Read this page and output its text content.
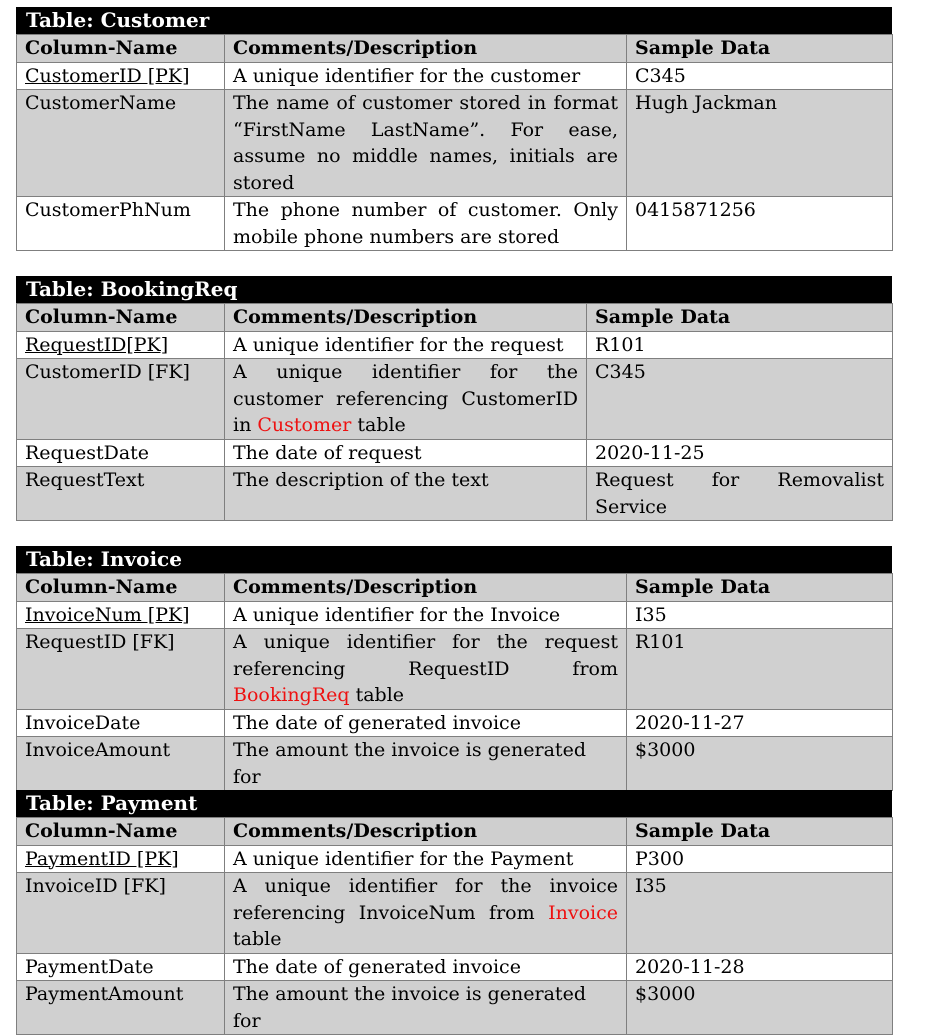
Table: Customer
Column-Name	Comments/Description	Sample Data
CustomerID [PK]	A unique identifier for the customer	C345
CustomerName	The name of customer stored in format “FirstName LastName”. For ease, assume no middle names, initials are stored	Hugh Jackman
CustomerPhNum	The phone number of customer. Only mobile phone numbers are stored	0415871256
Table: BookingReq
Column-Name	Comments/Description	Sample Data
RequestID[PK]	A unique identifier for the request	R101
CustomerID [FK]	A unique identifier for the customer referencing CustomerID in Customer table	C345
RequestDate	The date of request	2020-11-25
RequestText	The description of the text	Request for Removalist Service
Table: Invoice
Column-Name	Comments/Description	Sample Data
InvoiceNum [PK]	A unique identifier for the Invoice	I35
RequestID [FK]	A unique identifier for the request referencing RequestID from BookingReq table	R101
InvoiceDate	The date of generated invoice	2020-11-27
InvoiceAmount	The amount the invoice is generated for	$3000
Table: Payment
Column-Name	Comments/Description	Sample Data
PaymentID [PK]	A unique identifier for the Payment	P300
InvoiceID [FK]	A unique identifier for the invoice referencing InvoiceNum from Invoice table	I35
PaymentDate	The date of generated invoice	2020-11-28
PaymentAmount	The amount the invoice is generated for	$3000
